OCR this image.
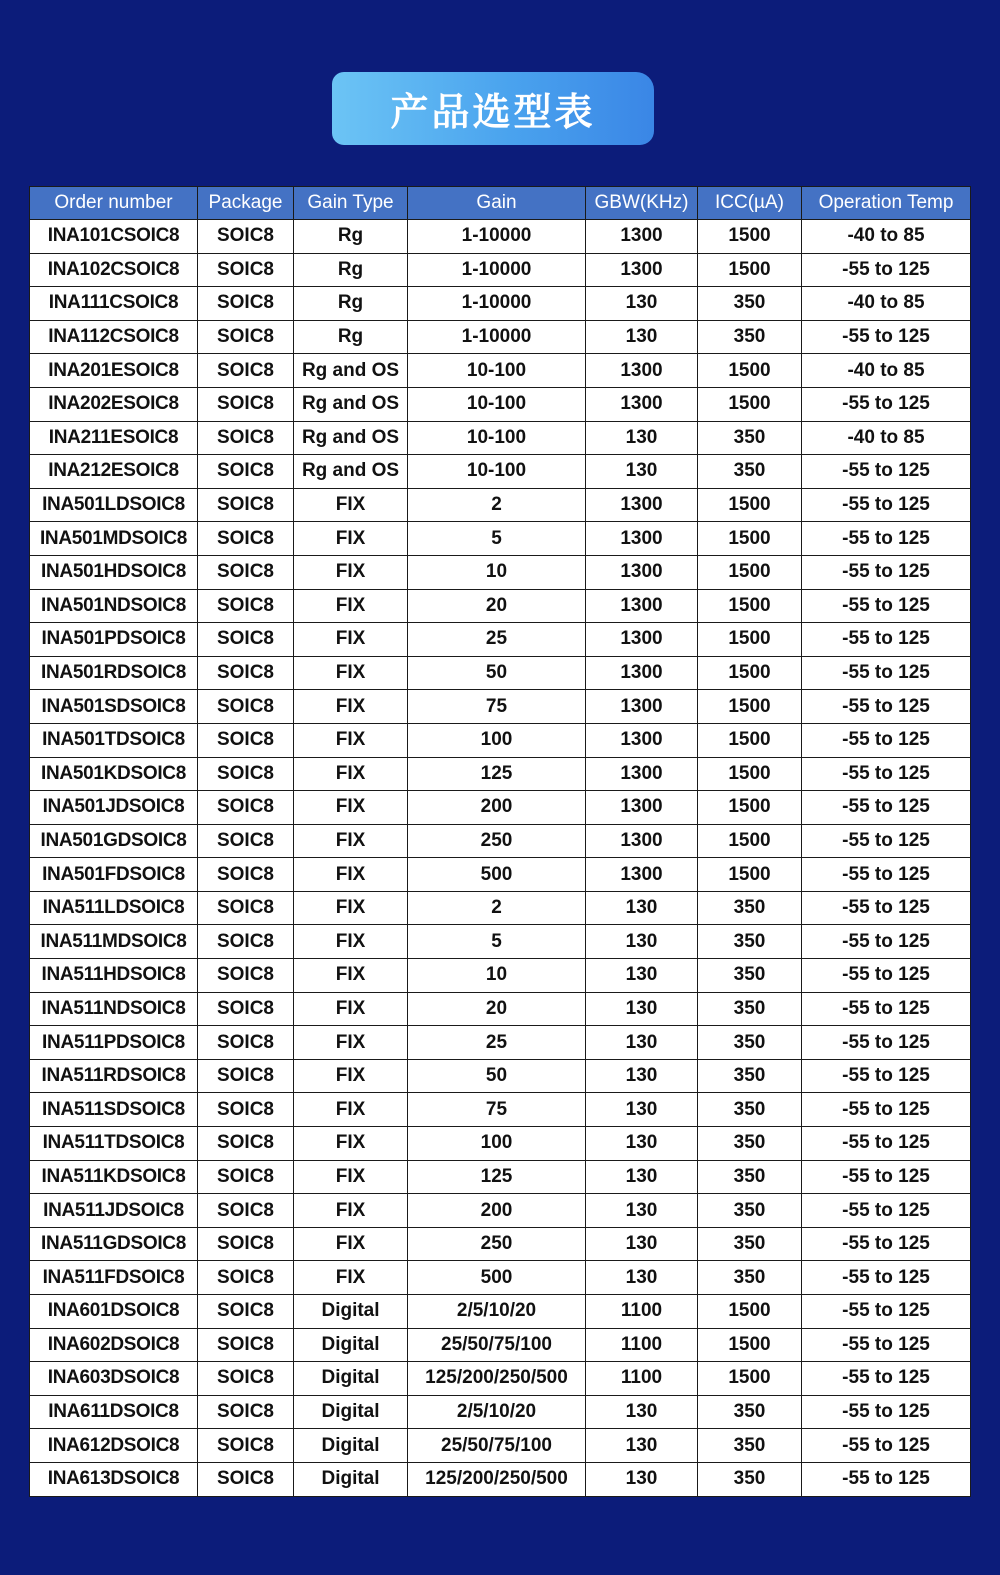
产品选型表
Order number	Package	Gain Type	Gain	GBW(KHz)	ICC(µA)	Operation Temp
INA101CSOIC8	SOIC8	Rg	1-10000	1300	1500	-40 to 85
INA102CSOIC8	SOIC8	Rg	1-10000	1300	1500	-55 to 125
INA111CSOIC8	SOIC8	Rg	1-10000	130	350	-40 to 85
INA112CSOIC8	SOIC8	Rg	1-10000	130	350	-55 to 125
INA201ESOIC8	SOIC8	Rg and OS	10-100	1300	1500	-40 to 85
INA202ESOIC8	SOIC8	Rg and OS	10-100	1300	1500	-55 to 125
INA211ESOIC8	SOIC8	Rg and OS	10-100	130	350	-40 to 85
INA212ESOIC8	SOIC8	Rg and OS	10-100	130	350	-55 to 125
INA501LDSOIC8	SOIC8	FIX	2	1300	1500	-55 to 125
INA501MDSOIC8	SOIC8	FIX	5	1300	1500	-55 to 125
INA501HDSOIC8	SOIC8	FIX	10	1300	1500	-55 to 125
INA501NDSOIC8	SOIC8	FIX	20	1300	1500	-55 to 125
INA501PDSOIC8	SOIC8	FIX	25	1300	1500	-55 to 125
INA501RDSOIC8	SOIC8	FIX	50	1300	1500	-55 to 125
INA501SDSOIC8	SOIC8	FIX	75	1300	1500	-55 to 125
INA501TDSOIC8	SOIC8	FIX	100	1300	1500	-55 to 125
INA501KDSOIC8	SOIC8	FIX	125	1300	1500	-55 to 125
INA501JDSOIC8	SOIC8	FIX	200	1300	1500	-55 to 125
INA501GDSOIC8	SOIC8	FIX	250	1300	1500	-55 to 125
INA501FDSOIC8	SOIC8	FIX	500	1300	1500	-55 to 125
INA511LDSOIC8	SOIC8	FIX	2	130	350	-55 to 125
INA511MDSOIC8	SOIC8	FIX	5	130	350	-55 to 125
INA511HDSOIC8	SOIC8	FIX	10	130	350	-55 to 125
INA511NDSOIC8	SOIC8	FIX	20	130	350	-55 to 125
INA511PDSOIC8	SOIC8	FIX	25	130	350	-55 to 125
INA511RDSOIC8	SOIC8	FIX	50	130	350	-55 to 125
INA511SDSOIC8	SOIC8	FIX	75	130	350	-55 to 125
INA511TDSOIC8	SOIC8	FIX	100	130	350	-55 to 125
INA511KDSOIC8	SOIC8	FIX	125	130	350	-55 to 125
INA511JDSOIC8	SOIC8	FIX	200	130	350	-55 to 125
INA511GDSOIC8	SOIC8	FIX	250	130	350	-55 to 125
INA511FDSOIC8	SOIC8	FIX	500	130	350	-55 to 125
INA601DSOIC8	SOIC8	Digital	2/5/10/20	1100	1500	-55 to 125
INA602DSOIC8	SOIC8	Digital	25/50/75/100	1100	1500	-55 to 125
INA603DSOIC8	SOIC8	Digital	125/200/250/500	1100	1500	-55 to 125
INA611DSOIC8	SOIC8	Digital	2/5/10/20	130	350	-55 to 125
INA612DSOIC8	SOIC8	Digital	25/50/75/100	130	350	-55 to 125
INA613DSOIC8	SOIC8	Digital	125/200/250/500	130	350	-55 to 125
